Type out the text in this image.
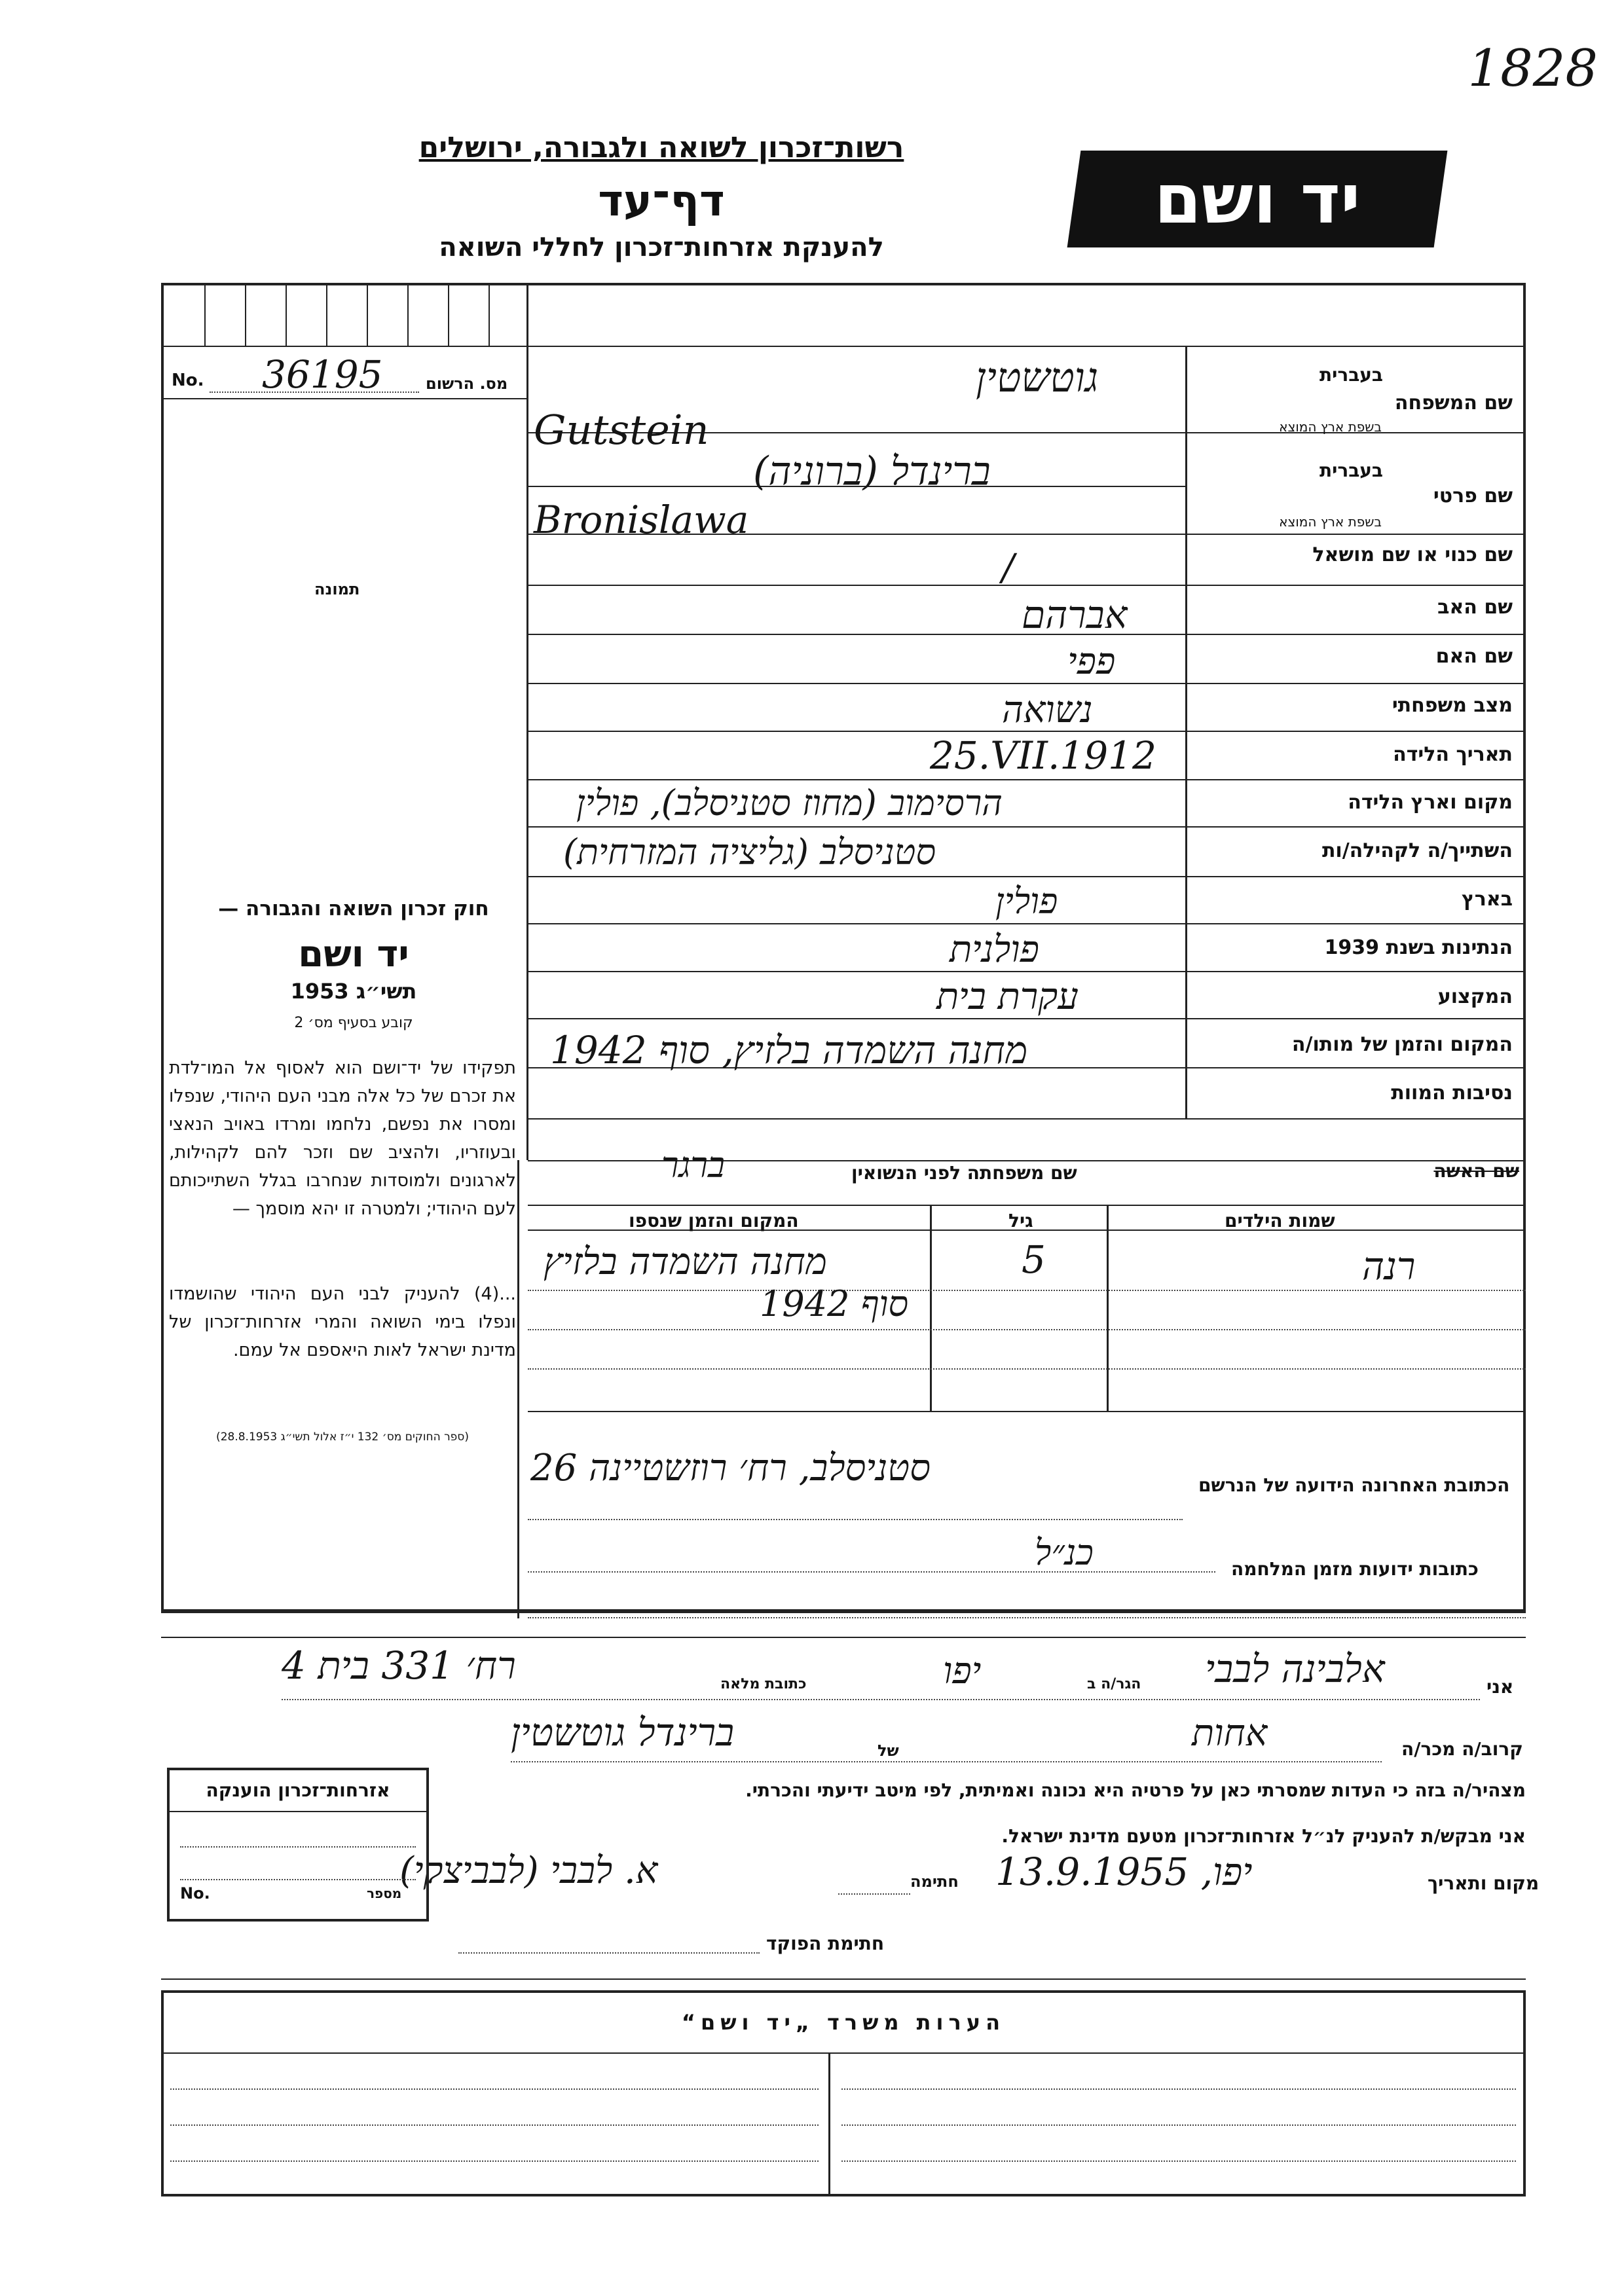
1828
רשות־זכרון לשואה ולגבורה, ירושלים
דף־עד
להענקת אזרחות־זכרון לחללי השואה
יד ושם
No. 36195	מס. הרשום
תמונה
חוק זכרון השואה והגבורה —
יד ושם
תשי״ג 1953
קובע בסעיף מס׳ 2
תפקידו של יד־ושם הוא לאסוף אל המו־לדת את זכרם של כל אלה מבני העם היהודי, שנפלו ומסרו את נפשם, נלחמו ומרדו באויב הנאצי ובעוזריו, ולהציב שם וזכר להם לקהילות, לארגונים ולמוסדות שנחרבו בגלל השתייכותם לעם היהודי; ולמטרה זו יהא מוסמך —
...(4) להעניק לבני העם היהודי שהושמדו ונפלו בימי השואה והמרי אזרחות־זכרון של מדינת ישראל לאות היאספם אל עמם.
(ספר החוקים מס׳ 132 י״ז אלול תשי״ג 28.8.1953)
שם המשפחה
בעברית
בשפת ארץ המוצא
גוטשטין
Gutstein
שם פרטי
בעברית
בשפת ארץ המוצא
ברינדל (ברוניה)
Bronislawa
שם כנוי או שם מושאל
/
שם האב
אברהם
שם האם
פפי
מצב משפחתי
נשואה
תאריך הלידה
25.VII.1912
מקום וארץ הלידה
הרסימוב (מחוז סטניסלב), פולין
השתייך/ה לקהילה/ות
סטניסלב (גליציה המזרחית)
בארץ
פולין
הנתינות בשנת 1939
פולנית
המקצוע
עקרת בית
המקום והזמן של מותו/ה
נסיבות המוות
מחנה השמדה בלזיץ, סוף 1942
שם האשה
שם משפחתה לפני הנשואין
ברגר
שמות הילדים
גיל
המקום והזמן שנספו
רנה
5
מחנה השמדה בלזיץ
סוף 1942
הכתובת האחרונה הידועה של הנרשם
סטניסלב, רח׳ רוזשטיינה 26
כתובות ידועות מזמן המלחמה
כנ״ל
אני
אלבינה לבבי
הגר/ה ב
יפו
כתובת מלאה
רח׳ 331 בית 4
קרוב/ה מכר/ה
אחות
של
ברינדל גוטשטין
מצהיר/ה בזה כי העדות שמסרתי כאן על פרטיה היא נכונה ואמיתית, לפי מיטב ידיעתי והכרתי.
אני מבקש/ת להעניק לנ״ל אזרחות־זכרון מטעם מדינת ישראל.
מקום ותאריך
יפו, 13.9.1955
חתימה
א. לבבי (לבביצקי)
אזרחות־זכרון הוענקה
No.	מספר
חתימת הפוקד
הערות משרד „יד ושם“
